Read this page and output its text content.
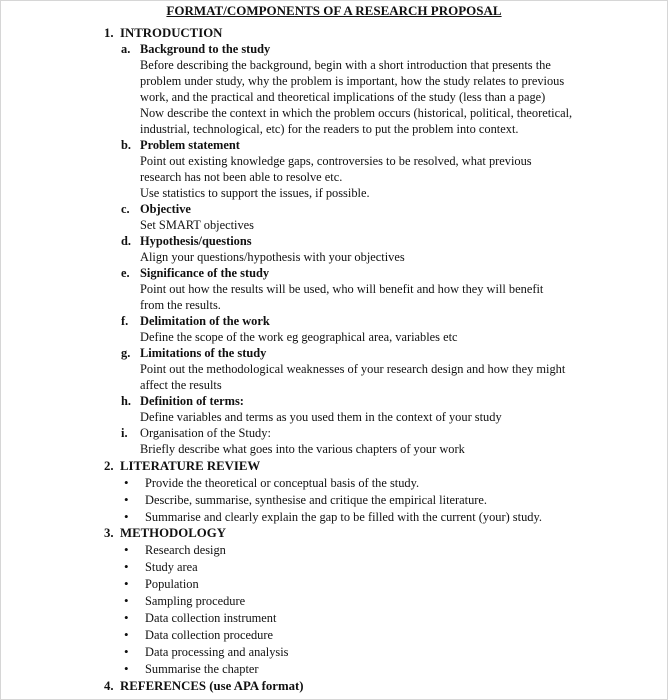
FORMAT/COMPONENTS OF A RESEARCH PROPOSAL
1. INTRODUCTION
a. Background to the study
Before describing the background, begin with a short introduction that presents the
problem under study, why the problem is important, how the study relates to previous
work, and the practical and theoretical implications of the study (less than a page)
Now describe the context in which the problem occurs (historical, political, theoretical,
industrial, technological, etc) for the readers to put the problem into context.
b. Problem statement
Point out existing knowledge gaps, controversies to be resolved, what previous
research has not been able to resolve etc.
Use statistics to support the issues, if possible.
c. Objective
Set SMART objectives
d. Hypothesis/questions
Align your questions/hypothesis with your objectives
e. Significance of the study
Point out how the results will be used, who will benefit and how they will benefit
from the results.
f. Delimitation of the work
Define the scope of the work eg geographical area, variables etc
g. Limitations of the study
Point out the methodological weaknesses of your research design and how they might
affect the results
h. Definition of terms:
Define variables and terms as you used them in the context of your study
i. Organisation of the Study:
Briefly describe what goes into the various chapters of your work
2. LITERATURE REVIEW
• Provide the theoretical or conceptual basis of the study.
• Describe, summarise, synthesise and critique the empirical literature.
• Summarise and clearly explain the gap to be filled with the current (your) study.
3. METHODOLOGY
• Research design
• Study area
• Population
• Sampling procedure
• Data collection instrument
• Data collection procedure
• Data processing and analysis
• Summarise the chapter
4. REFERENCES (use APA format)
